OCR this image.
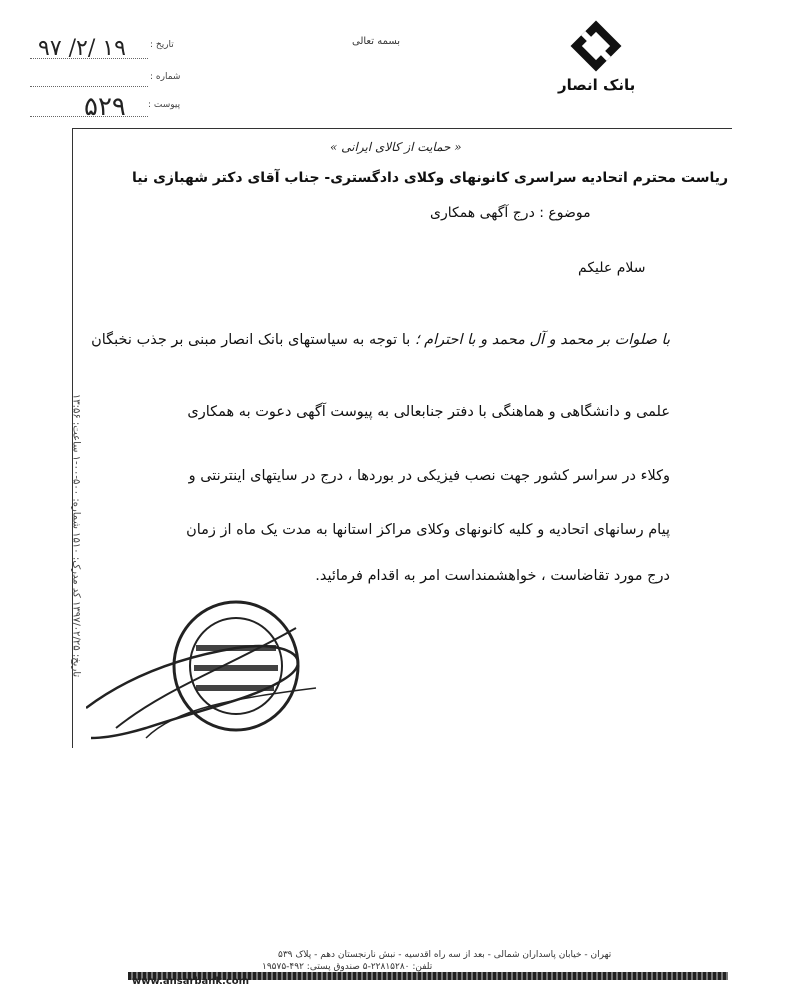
بسمه تعالی
بانک انصار
تاریخ :
۹۷ /۲/ ۱۹
شماره :
پیوست :
۵۲۹
« حمایت از کالای ایرانی »
ریاست محترم اتحادیه سراسری کانونهای وکلای دادگستری- جناب آقای دکتر شهبازی نیا
موضوع : درج آگهی همکاری
سلام علیکم
با صلوات بر محمد و آل محمد و با احترام ؛ با توجه به سیاستهای بانک انصار مبنی بر جذب نخبگان
علمی و دانشگاهی و هماهنگی با دفتر جنابعالی به پیوست آگهی دعوت به همکاری
وکلاء در سراسر کشور جهت نصب فیزیکی در بوردها ، درج در سایتهای اینترنتی و
پیام رسانهای اتحادیه و کلیه کانونهای وکلای مراکز استانها به مدت یک ماه از زمان
درج مورد تقاضاست ، خواهشمنداست امر به اقدام فرمائید.
تاریخ: ۱۳۹۷/۰۲/۲۵ کد مدرک: ۱۵۱۰ شماره: ۵۰۰-۰۰-۱ ساعت: ۱۳:۵۶
تهران - خیابان پاسداران شمالی - بعد از سه راه اقدسیه - نبش نارنجستان دهم - پلاک ۵۳۹
تلفن: ۲۲۸۱۵۲۸۰-۵ صندوق پستی: ۴۹۲-۱۹۵۷۵
www.ansarbank.com
